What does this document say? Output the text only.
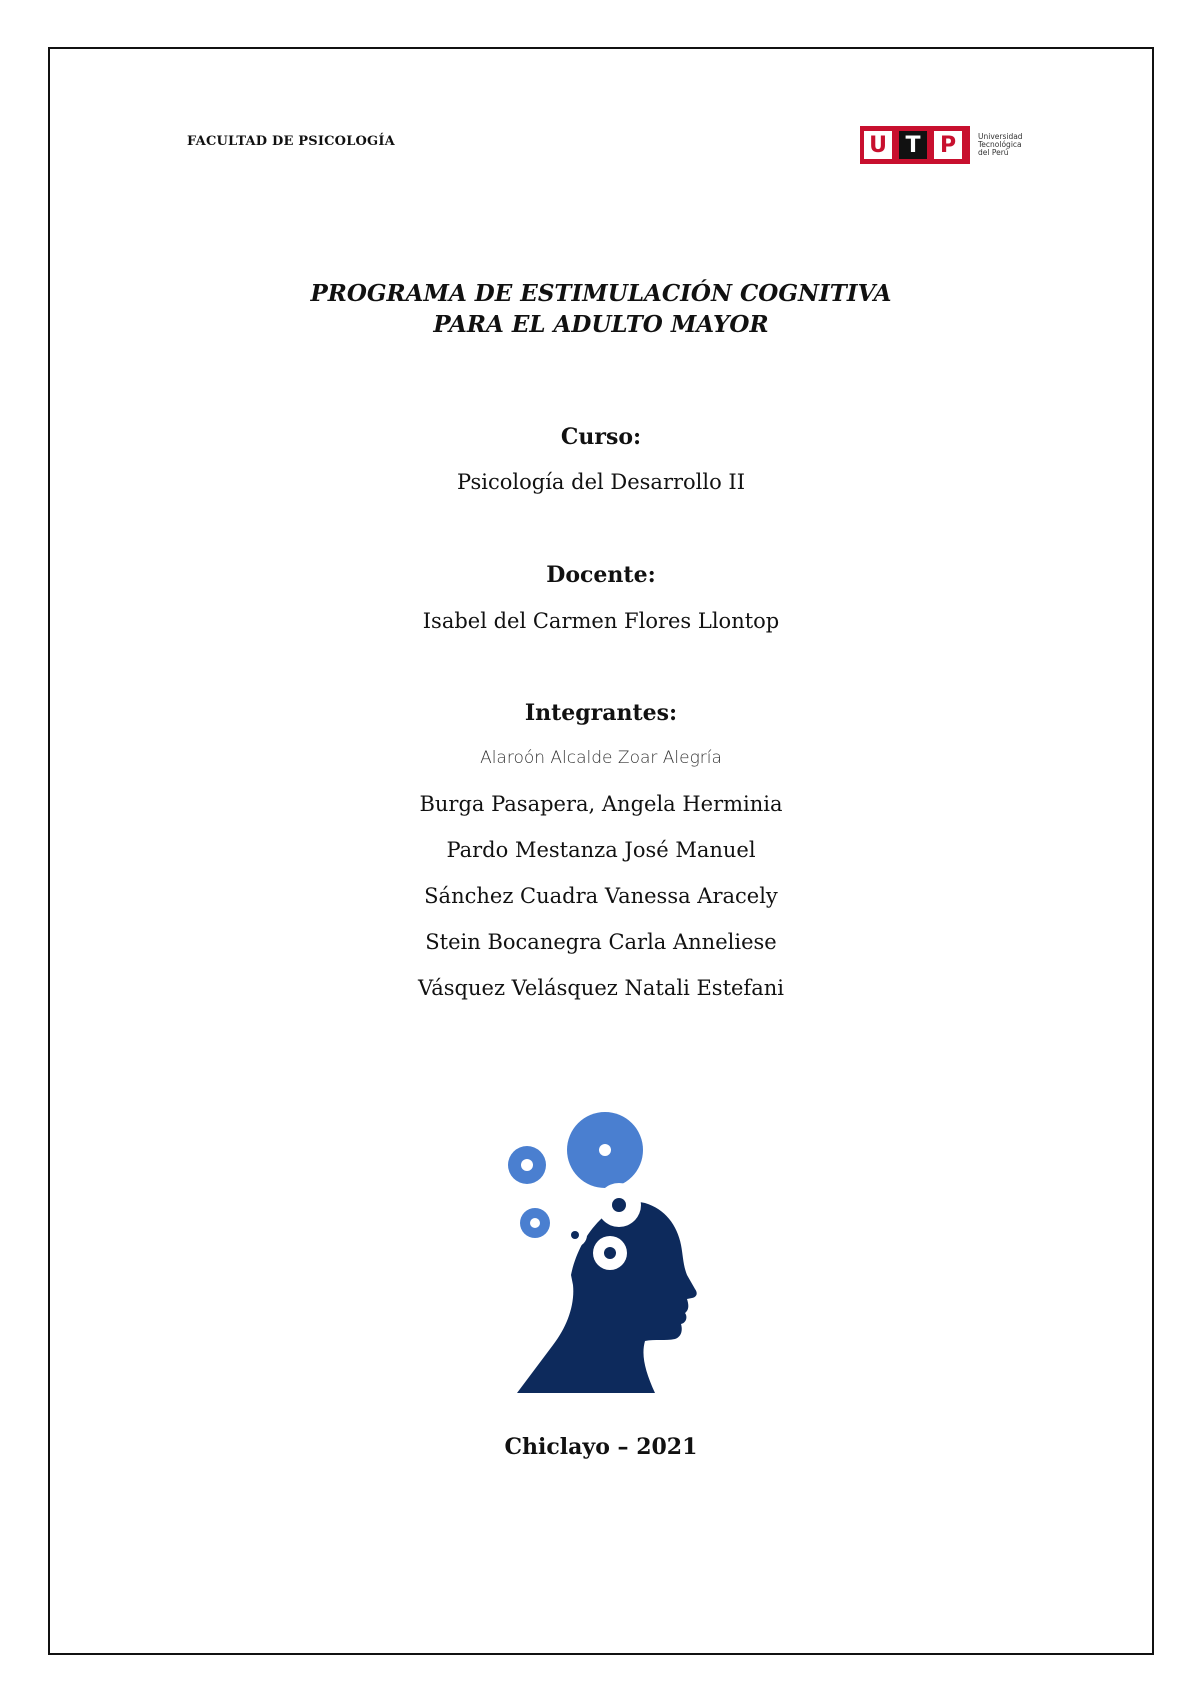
FACULTAD DE PSICOLOGÍA	U T P	Universidad
Tecnológica
del Perú
PROGRAMA DE ESTIMULACIÓN COGNITIVA
PARA EL ADULTO MAYOR
Curso:
Psicología del Desarrollo II
Docente:
Isabel del Carmen Flores Llontop
Integrantes:
Alaroón Alcalde Zoar Alegría
Burga Pasapera, Angela Herminia
Pardo Mestanza José Manuel
Sánchez Cuadra Vanessa Aracely
Stein Bocanegra Carla Anneliese
Vásquez Velásquez Natali Estefani
Chiclayo – 2021
